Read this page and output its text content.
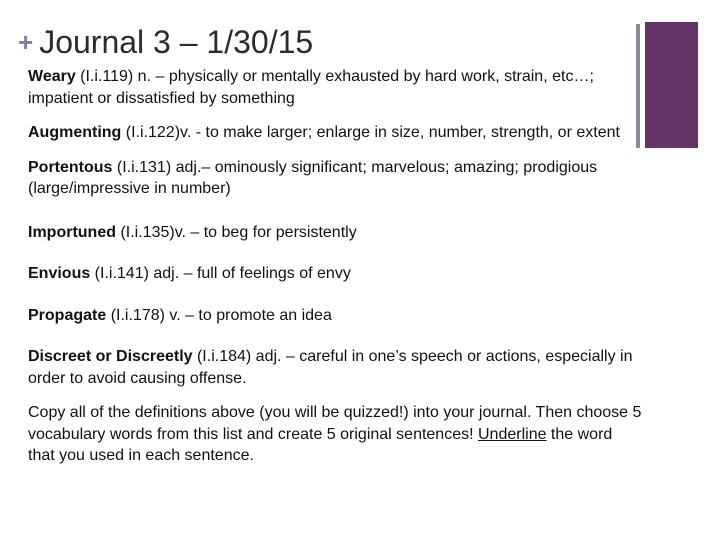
+ Journal 3 – 1/30/15

Weary (I.i.119) n. – physically or mentally exhausted by hard work, strain, etc…; impatient or dissatisfied by something

Augmenting (I.i.122)v. - to make larger; enlarge in size, number, strength, or extent

Portentous (I.i.131) adj.– ominously significant; marvelous; amazing; prodigious (large/impressive in number)

Importuned (I.i.135)v. – to beg for persistently

Envious (I.i.141) adj. – full of feelings of envy

Propagate (I.i.178) v. – to promote an idea

Discreet or Discreetly (I.i.184) adj. – careful in one’s speech or actions, especially in order to avoid causing offense.

Copy all of the definitions above (you will be quizzed!) into your journal. Then choose 5 vocabulary words from this list and create 5 original sentences! Underline the word that you used in each sentence.
